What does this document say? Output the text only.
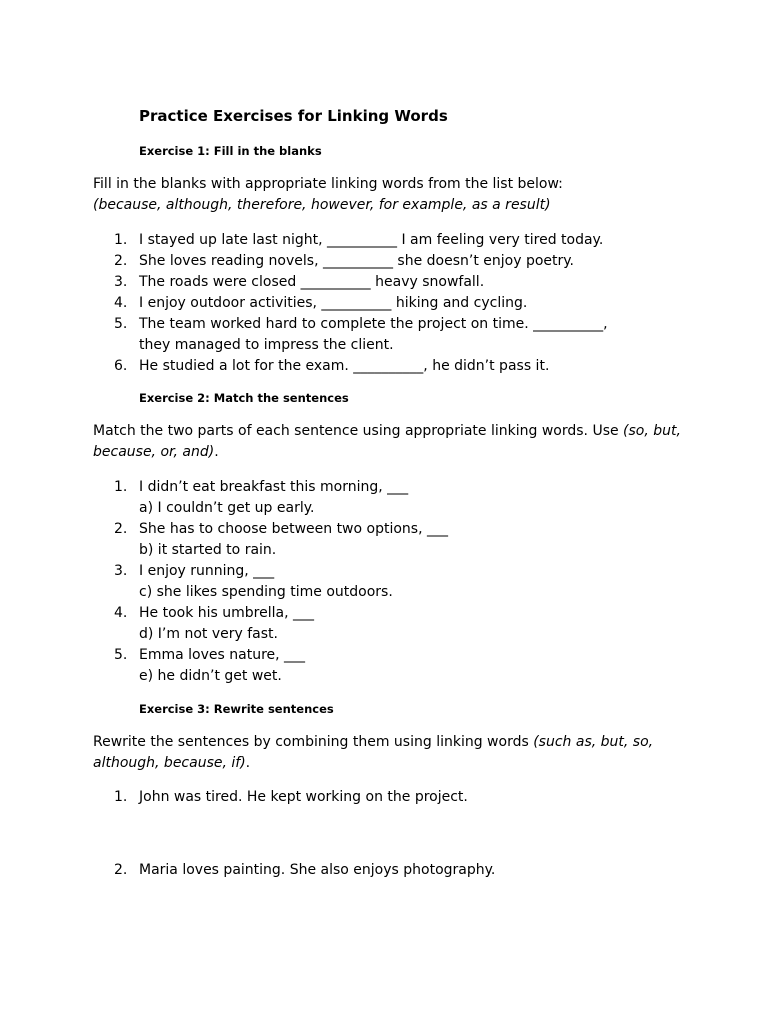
Practice Exercises for Linking Words
Exercise 1: Fill in the blanks

Fill in the blanks with appropriate linking words from the list below:
(because, although, therefore, however, for example, as a result)

1. I stayed up late last night, __________ I am feeling very tired today.
2. She loves reading novels, __________ she doesn’t enjoy poetry.
3. The roads were closed __________ heavy snowfall.
4. I enjoy outdoor activities, __________ hiking and cycling.
5. The team worked hard to complete the project on time. __________,
they managed to impress the client.
6. He studied a lot for the exam. __________, he didn’t pass it.
Exercise 2: Match the sentences

Match the two parts of each sentence using appropriate linking words. Use (so, but, because, or, and).

1. I didn’t eat breakfast this morning, ___
a) I couldn’t get up early.
2. She has to choose between two options, ___
b) it started to rain.
3. I enjoy running, ___
c) she likes spending time outdoors.
4. He took his umbrella, ___
d) I’m not very fast.
5. Emma loves nature, ___
e) he didn’t get wet.
Exercise 3: Rewrite sentences

Rewrite the sentences by combining them using linking words (such as, but, so, although, because, if).

1. John was tired. He kept working on the project.
2. Maria loves painting. She also enjoys photography.
